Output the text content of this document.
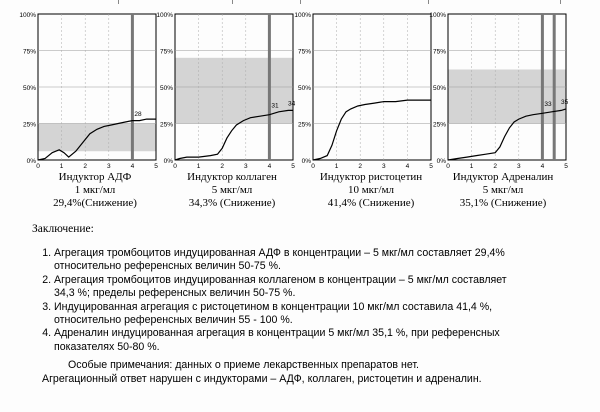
0%
25%
50%
75%
100%
0	1	2	3	4	5
28
0%
25%
50%
75%
100%
0	1	2	3	4	5
31 34
0%
25%
50%
75%
100%
0	1	2	3	4	5
0%
25%
50%
75%
100%
0	1	2	3	4	5
33 35
Индуктор АДФ
1 мкг/мл
29,4%(Снижение)
Индуктор коллаген
5 мкг/мл
34,3% (Снижение)
Индуктор ристоцетин
10 мкг/мл
41,4% (Снижение)
Индуктор Адреналин
5 мкг/мл
35,1% (Снижение)
Заключение:
1. Агрегация тромбоцитов индуцированная АДФ в концентрации – 5 мкг/мл составляет 29,4%
относительно референсных величин 50-75 %.
2. Агрегация тромбоцитов индуцированная коллагеном в концентрации – 5 мкг/мл составляет
34,3 %; пределы референсных величин 50-75 %.
3. Индуцированная агрегация с ристоцетином в концентрации 10 мкг/мл составила 41,4 %,
относительно референсных величин 55 - 100 %.
4. Адреналин индуцированная агрегация в концентрации 5 мкг/мл 35,1 %, при референсных
показателях 50-80 %.
Особые примечания: данных о приеме лекарственных препаратов нет.
Агрегационный ответ нарушен с индукторами – АДФ, коллаген, ристоцетин и адреналин.
